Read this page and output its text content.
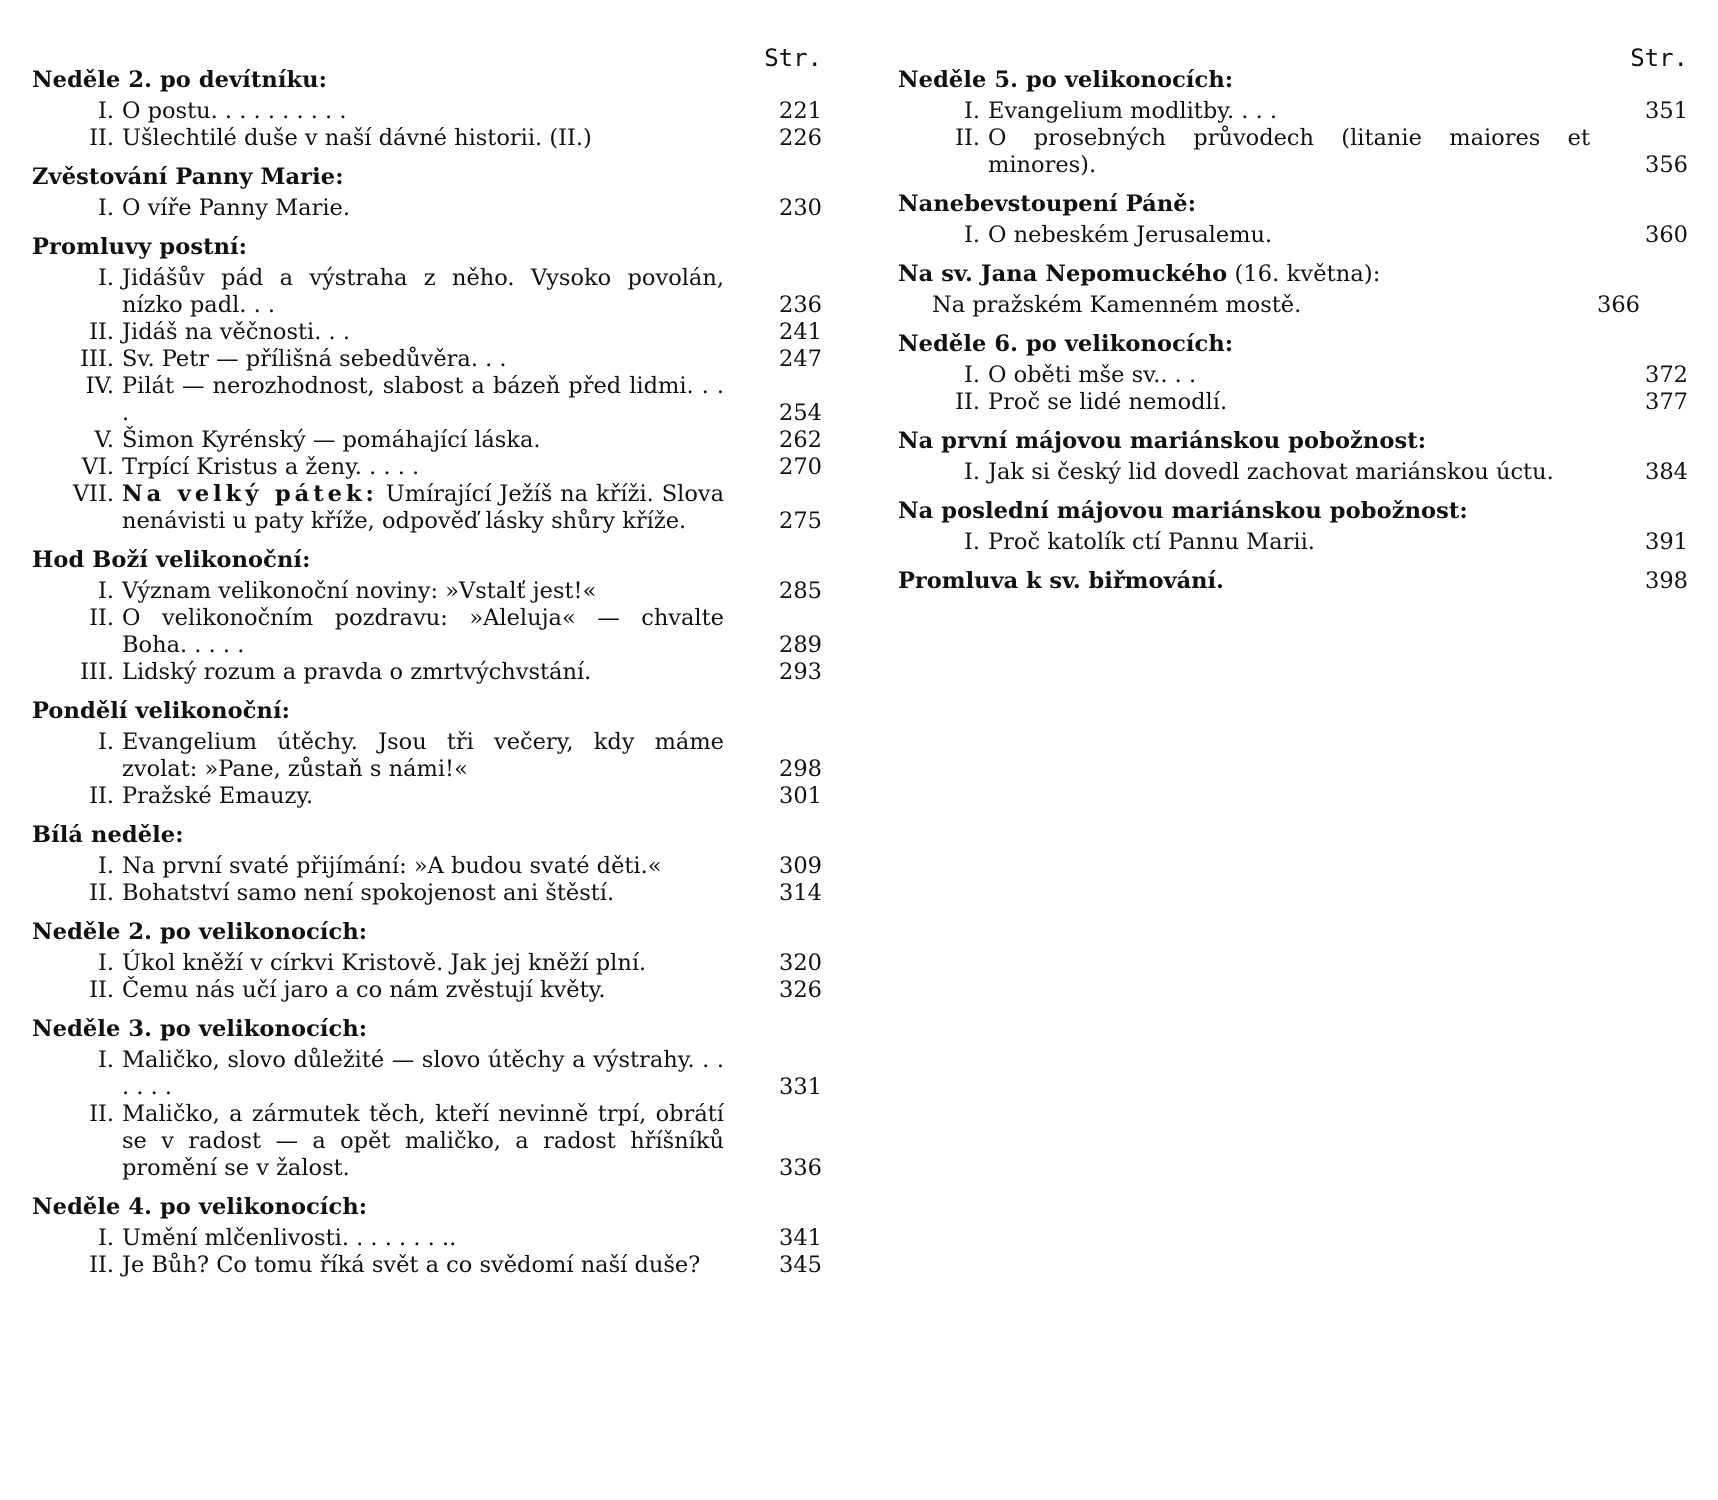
Str.
Neděle 2. po devítníku:
I. O postu. . . . . . . . . .	221
II. Ušlechtilé duše v naší dávné historii. (II.)	226
Zvěstování Panny Marie:
I. O víře Panny Marie.	230
Promluvy postní:
I. Jidášův pád a výstraha z něho. Vysoko povolán, nízko padl. . .	236
II. Jidáš na věčnosti. . .	241
III. Sv. Petr — přílišná sebedůvěra. . .	247
IV. Pilát — nerozhodnost, slabost a bázeň před lidmi. . . .	254
V. Šimon Kyrénský — pomáhající láska.	262
VI. Trpící Kristus a ženy. . . . .	270
VII. Na velký pátek: Umírající Ježíš na kříži. Slova nenávisti u paty kříže, odpověď lásky shůry kříže.	275
Hod Boží velikonoční:
I. Význam velikonoční noviny: »Vstalť jest!«	285
II. O velikonočním pozdravu: »Aleluja« — chvalte Boha. . . . .	289
III. Lidský rozum a pravda o zmrtvýchvstání.	293
Pondělí velikonoční:
I. Evangelium útěchy. Jsou tři večery, kdy máme zvolat: »Pane, zůstaň s námi!«	298
II. Pražské Emauzy.	301
Bílá neděle:
I. Na první svaté přijímání: »A budou svaté děti.«	309
II. Bohatství samo není spokojenost ani štěstí.	314
Neděle 2. po velikonocích:
I. Úkol kněží v církvi Kristově. Jak jej kněží plní.	320
II. Čemu nás učí jaro a co nám zvěstují květy.	326
Neděle 3. po velikonocích:
I. Maličko, slovo důležité — slovo útěchy a výstrahy. . . . . . .	331
II. Maličko, a zármutek těch, kteří nevinně trpí, obrátí se v radost — a opět maličko, a radost hříšníků promění se v žalost.	336
Neděle 4. po velikonocích:
I. Umění mlčenlivosti. . . . . . . ..	341
II. Je Bůh? Co tomu říká svět a co svědomí naší duše?	345
Str.
Neděle 5. po velikonocích:
I. Evangelium modlitby. . . .	351
II. O prosebných průvodech (litanie maiores et minores).	356
Nanebevstoupení Páně:
I. O nebeském Jerusalemu.	360
Na sv. Jana Nepomuckého (16. května):
Na pražském Kamenném mostě.	366
Neděle 6. po velikonocích:
I. O oběti mše sv.. . .	372
II. Proč se lidé nemodlí.	377
Na první májovou mariánskou pobožnost:
I. Jak si český lid dovedl zachovat mariánskou úctu.	384
Na poslední májovou mariánskou pobožnost:
I. Proč katolík ctí Pannu Marii.	391
Promluva k sv. biřmování.	398
